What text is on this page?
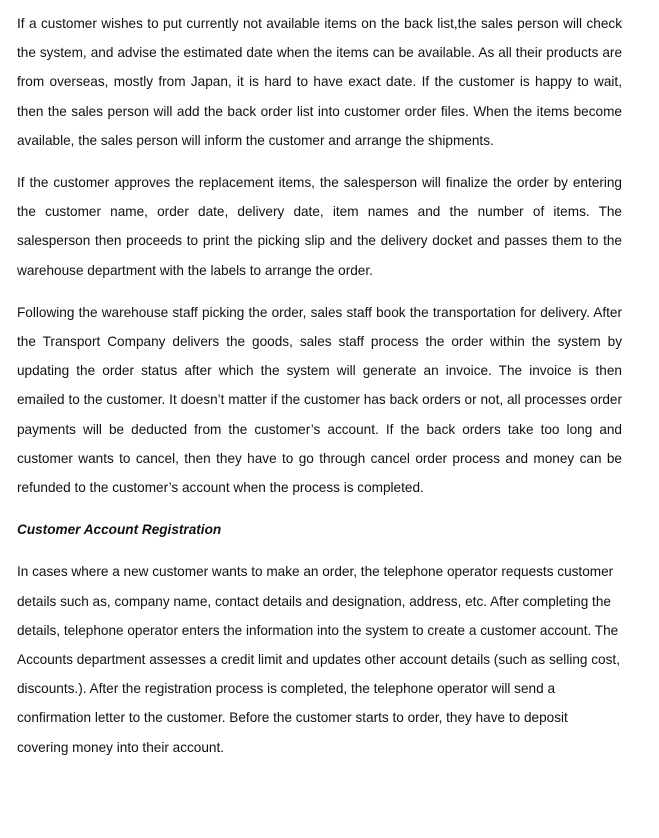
If a customer wishes to put currently not available items on the back list,the sales person will check the system, and advise the estimated date when the items can be available. As all their products are from overseas, mostly from Japan, it is hard to have exact date. If the customer is happy to wait, then the sales person will add the back order list into customer order files. When the items become available, the sales person will inform the customer and arrange the shipments.

If the customer approves the replacement items, the salesperson will finalize the order by entering the customer name, order date, delivery date, item names and the number of items. The salesperson then proceeds to print the picking slip and the delivery docket and passes them to the warehouse department with the labels to arrange the order.

Following the warehouse staff picking the order, sales staff book the transportation for delivery. After the Transport Company delivers the goods, sales staff process the order within the system by updating the order status after which the system will generate an invoice. The invoice is then emailed to the customer. It doesn’t matter if the customer has back orders or not, all processes order payments will be deducted from the customer’s account. If the back orders take too long and customer wants to cancel, then they have to go through cancel order process and money can be refunded to the customer’s account when the process is completed.

Customer Account Registration

In cases where a new customer wants to make an order, the telephone operator requests customer details such as, company name, contact details and designation, address, etc. After completing the details, telephone operator enters the information into the system to create a customer account. The Accounts department assesses a credit limit and updates other account details (such as selling cost, discounts.). After the registration process is completed, the telephone operator will send a confirmation letter to the customer. Before the customer starts to order, they have to deposit covering money into their account.
